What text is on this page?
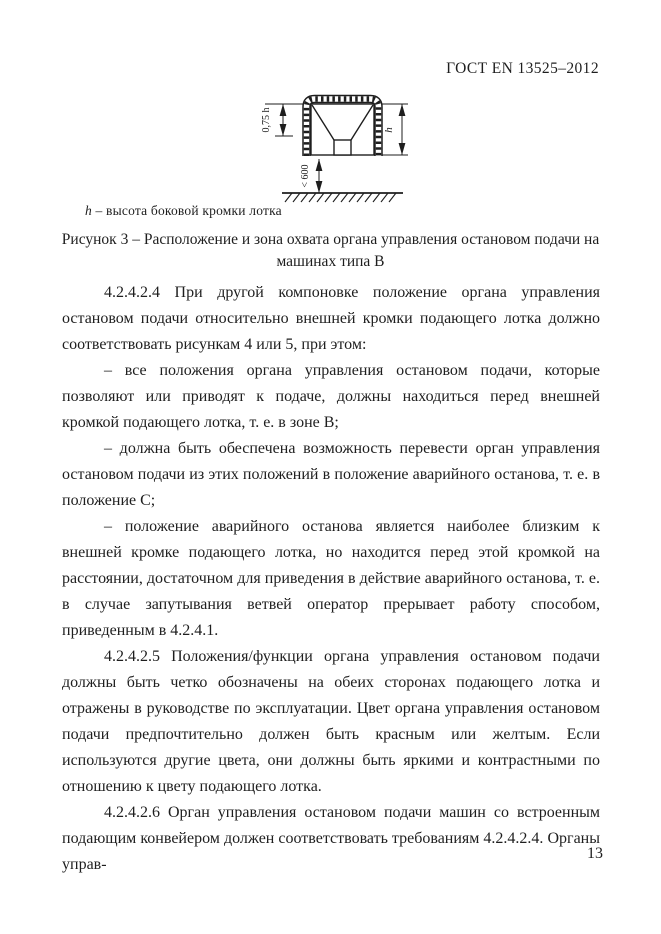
ГОСТ EN 13525–2012
0,75 h	h
< 600
h – высота боковой кромки лотка
Рисунок 3 – Расположение и зона охвата органа управления остановом подачи на машинах типа B

4.2.4.2.4 При другой компоновке положение органа управления остановом подачи относительно внешней кромки подающего лотка должно соответствовать рисункам 4 или 5, при этом:

– все положения органа управления остановом подачи, которые позволяют или приводят к подаче, должны находиться перед внешней кромкой подающего лотка, т. е. в зоне B;

– должна быть обеспечена возможность перевести орган управления остановом подачи из этих положений в положение аварийного останова, т. е. в положение C;

– положение аварийного останова является наиболее близким к внешней кромке подающего лотка, но находится перед этой кромкой на расстоянии, достаточном для приведения в действие аварийного останова, т. е. в случае запутывания ветвей оператор прерывает работу способом, приведенным в 4.2.4.1.

4.2.4.2.5 Положения/функции органа управления остановом подачи должны быть четко обозначены на обеих сторонах подающего лотка и отражены в руководстве по эксплуатации. Цвет органа управления остановом подачи предпочтительно должен быть красным или желтым. Если используются другие цвета, они должны быть яркими и контрастными по отношению к цвету подающего лотка.

4.2.4.2.6 Орган управления остановом подачи машин со встроенным подающим конвейером должен соответствовать требованиям 4.2.4.2.4. Органы управ-

13
